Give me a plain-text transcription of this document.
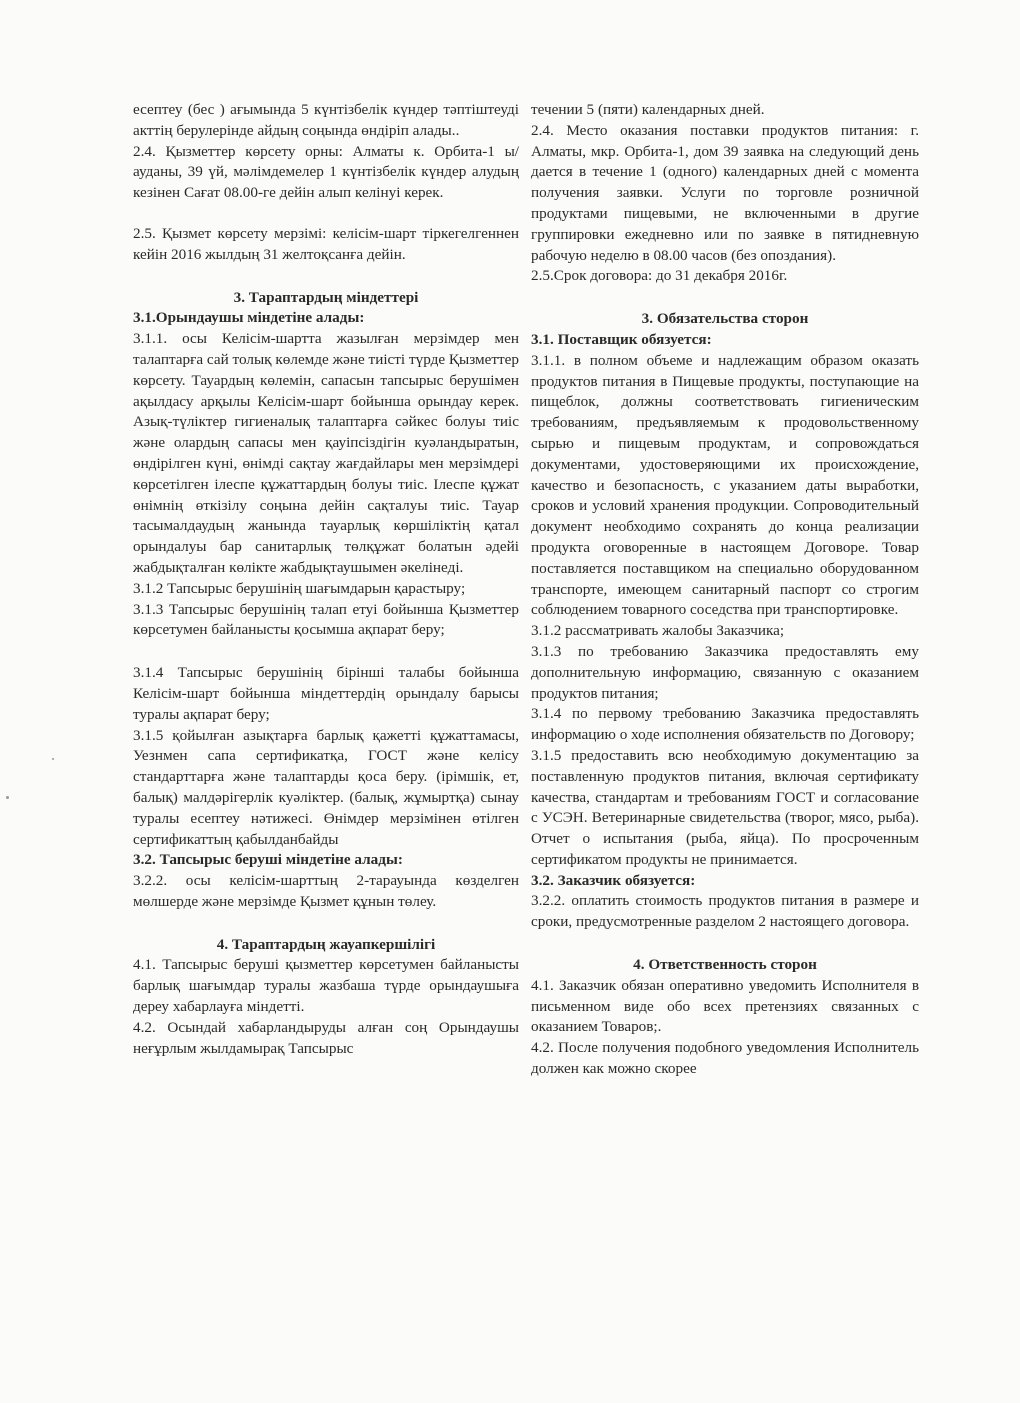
есептеу (бес ) ағымында 5 күнтізбелік күндер тəптіштеуді акттің берулерінде айдың соңында өндіріп алады..

2.4. Қызметтер көрсету орны: Алматы к. Орбита-1 ы/ауданы, 39 үй, мəлімдемелер 1 күнтізбелік күндер алудың кезінен Сағат 08.00-ге дейін алып келінуі керек.

2.5. Қызмет көрсету мерзімі: келісім-шарт тіркегелгеннен кейін 2016 жылдың 31 желтоқсанға дейін.

3. Тараптардың міндеттері

3.1.Орындаушы міндетіне алады:

3.1.1. осы Келісім-шартта жазылған мерзімдер мен талаптарға сай толық көлемде жəне тиісті түрде Қызметтер көрсету. Тауардың көлемін, сапасын тапсырыс берушімен ақылдасу арқылы Келісім-шарт бойынша орындау керек. Азық-түліктер гигиеналық талаптарға сəйкес болуы тиіс жəне олардың сапасы мен қауіпсіздігін куəландыратын, өндірілген күні, өнімді сақтау жағдайлары мен мерзімдері көрсетілген ілеспе құжаттардың болуы тиіс. Ілеспе құжат өнімнің өткізілу соңына дейін сақталуы тиіс. Тауар тасымалдаудың жанында тауарлық көршіліктің қатал орындалуы бар санитарлық төлқұжат болатын əдейі жабдықталған көлікте жабдықтаушымен əкелінеді.

3.1.2 Тапсырыс берушінің шағымдарын қарастыру;

3.1.3 Тапсырыс берушінің талап етуі бойынша Қызметтер көрсетумен байланысты қосымша ақпарат беру;

3.1.4 Тапсырыс берушінің бірінші талабы бойынша Келісім-шарт бойынша міндеттердің орындалу барысы туралы ақпарат беру;

3.1.5 қойылған азықтарға барлық қажетті құжаттамасы, Уезнмен сапа сертификатқа, ГОСТ жəне келісу стандарттарға жəне талаптарды қоса беру. (ірімшік, ет, балық) малдəрігерлік куəліктер. (балық, жұмыртқа) сынау туралы есептеу нəтижесі. Өнімдер мерзімінен өтілген сертификаттың қабылданбайды

3.2. Тапсырыс беруші міндетіне алады:

3.2.2. осы келісім-шарттың 2-тарауында көзделген мөлшерде жəне мерзімде Қызмет құнын төлеу.

4. Тараптардың жауапкершілігі

4.1. Тапсырыс беруші қызметтер көрсетумен байланысты барлық шағымдар туралы жазбаша түрде орындаушыға дереу хабарлауға міндетті.

4.2. Осындай хабарландыруды алған соң Орындаушы неғұрлым жылдамырақ Тапсырыс

течении 5 (пяти) календарных дней.

2.4. Место оказания поставки продуктов питания: г. Алматы, мкр. Орбита-1, дом 39 заявка на следующий день дается в течение 1 (одного) календарных дней с момента получения заявки. Услуги по торговле розничной продуктами пищевыми, не включенными в другие группировки ежедневно или по заявке в пятидневную рабочую неделю в 08.00 часов (без опоздания).

2.5.Срок договора: до 31 декабря 2016г.

3. Обязательства сторон

3.1. Поставщик обязуется:

3.1.1. в полном объеме и надлежащим образом оказать продуктов питания в Пищевые продукты, поступающие на пищеблок, должны соответствовать гигиеническим требованиям, предъявляемым к продовольственному сырью и пищевым продуктам, и сопровождаться документами, удостоверяющими их происхождение, качество и безопасность, с указанием даты выработки, сроков и условий хранения продукции. Сопроводительный документ необходимо сохранять до конца реализации продукта оговоренные в настоящем Договоре. Товар поставляется поставщиком на специально оборудованном транспорте, имеющем санитарный паспорт со строгим соблюдением товарного соседства при транспортировке.

3.1.2 рассматривать жалобы Заказчика;

3.1.3 по требованию Заказчика предоставлять ему дополнительную информацию, связанную с оказанием продуктов питания;

3.1.4 по первому требованию Заказчика предоставлять информацию о ходе исполнения обязательств по Договору;

3.1.5 предоставить всю необходимую документацию за поставленную продуктов питания, включая сертификату качества, стандартам и требованиям ГОСТ и согласование с УСЭН. Ветеринарные свидетельства (творог, мясо, рыба). Отчет о испытания (рыба, яйца). По просроченным сертификатом продукты не принимается.

3.2. Заказчик обязуется:

3.2.2. оплатить стоимость продуктов питания в размере и сроки, предусмотренные разделом 2 настоящего договора.

4. Ответственность сторон

4.1. Заказчик обязан оперативно уведомить Исполнителя в письменном виде обо всех претензиях связанных с оказанием Товаров;.

4.2. После получения подобного уведомления Исполнитель должен как можно скорее
